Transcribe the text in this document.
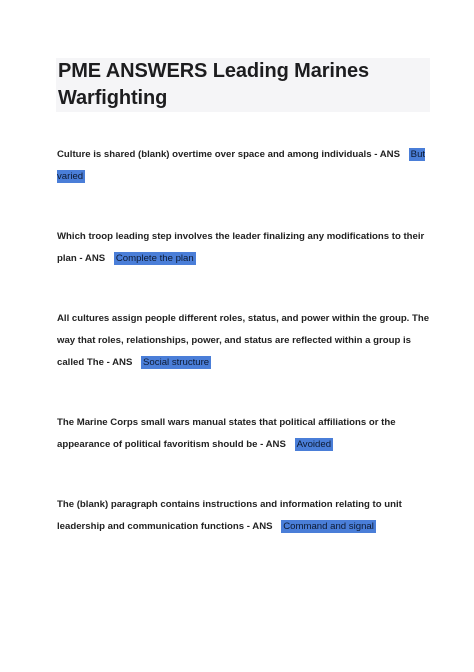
PME ANSWERS Leading Marines Warfighting

Culture is shared (blank) overtime over space and among individuals - ANS But varied

Which troop leading step involves the leader finalizing any modifications to their plan - ANS Complete the plan

All cultures assign people different roles, status, and power within the group. The way that roles, relationships, power, and status are reflected within a group is called The - ANS Social structure

The Marine Corps small wars manual states that political affiliations or the appearance of political favoritism should be - ANS Avoided

The (blank) paragraph contains instructions and information relating to unit leadership and communication functions - ANS Command and signal
